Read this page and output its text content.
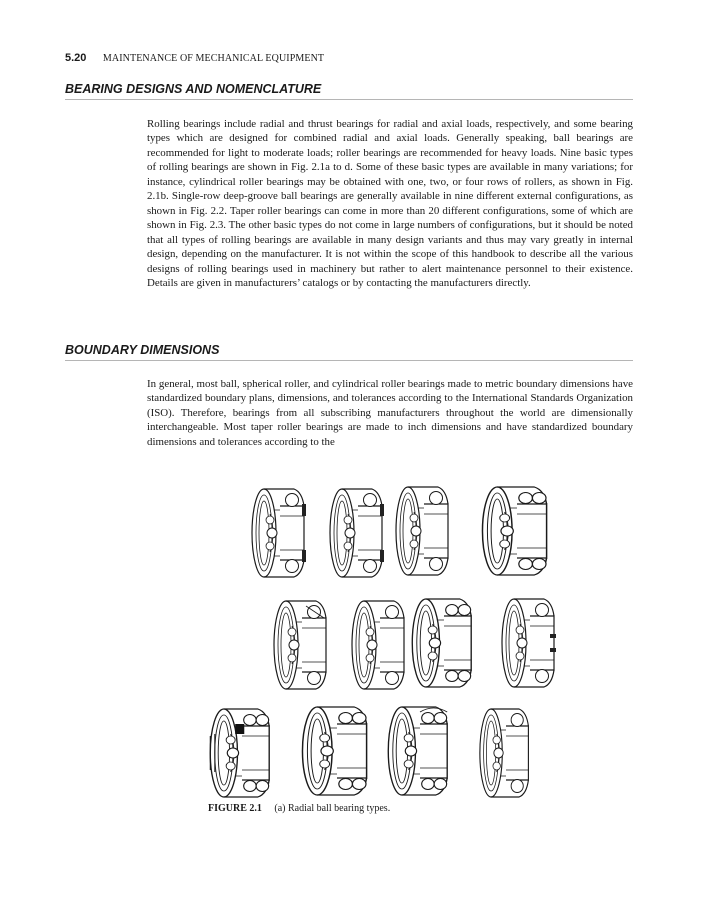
5.20 MAINTENANCE OF MECHANICAL EQUIPMENT
BEARING DESIGNS AND NOMENCLATURE

Rolling bearings include radial and thrust bearings for radial and axial loads, respectively, and some bearing types which are designed for combined radial and axial loads. Generally speaking, ball bearings are recommended for light to moderate loads; roller bearings are recommended for heavy loads. Nine basic types of rolling bearings are shown in Fig. 2.1a to d. Some of these basic types are available in many variations; for instance, cylindrical roller bearings may be obtained with one, two, or four rows of rollers, as shown in Fig. 2.1b. Single-row deep-groove ball bearings are generally available in nine different external configurations, as shown in Fig. 2.2. Taper roller bearings can come in more than 20 different configurations, some of which are shown in Fig. 2.3. The other basic types do not come in large numbers of configurations, but it should be noted that all types of rolling bearings are available in many design variants and thus may vary greatly in internal design, depending on the manufacturer. It is not within the scope of this handbook to describe all the various designs of rolling bearings used in machinery but rather to alert maintenance personnel to their existence. Details are given in manufacturers’ catalogs or by contacting the manufacturers directly.

BOUNDARY DIMENSIONS

In general, most ball, spherical roller, and cylindrical roller bearings made to metric boundary dimensions have standardized boundary plans, dimensions, and tolerances according to the International Standards Organization (ISO). Therefore, bearings from all subscribing manufacturers throughout the world are dimensionally interchangeable. Most taper roller bearings are made to inch dimensions and have standardized boundary dimensions and tolerances according to the

FIGURE 2.1 (a) Radial ball bearing types.
